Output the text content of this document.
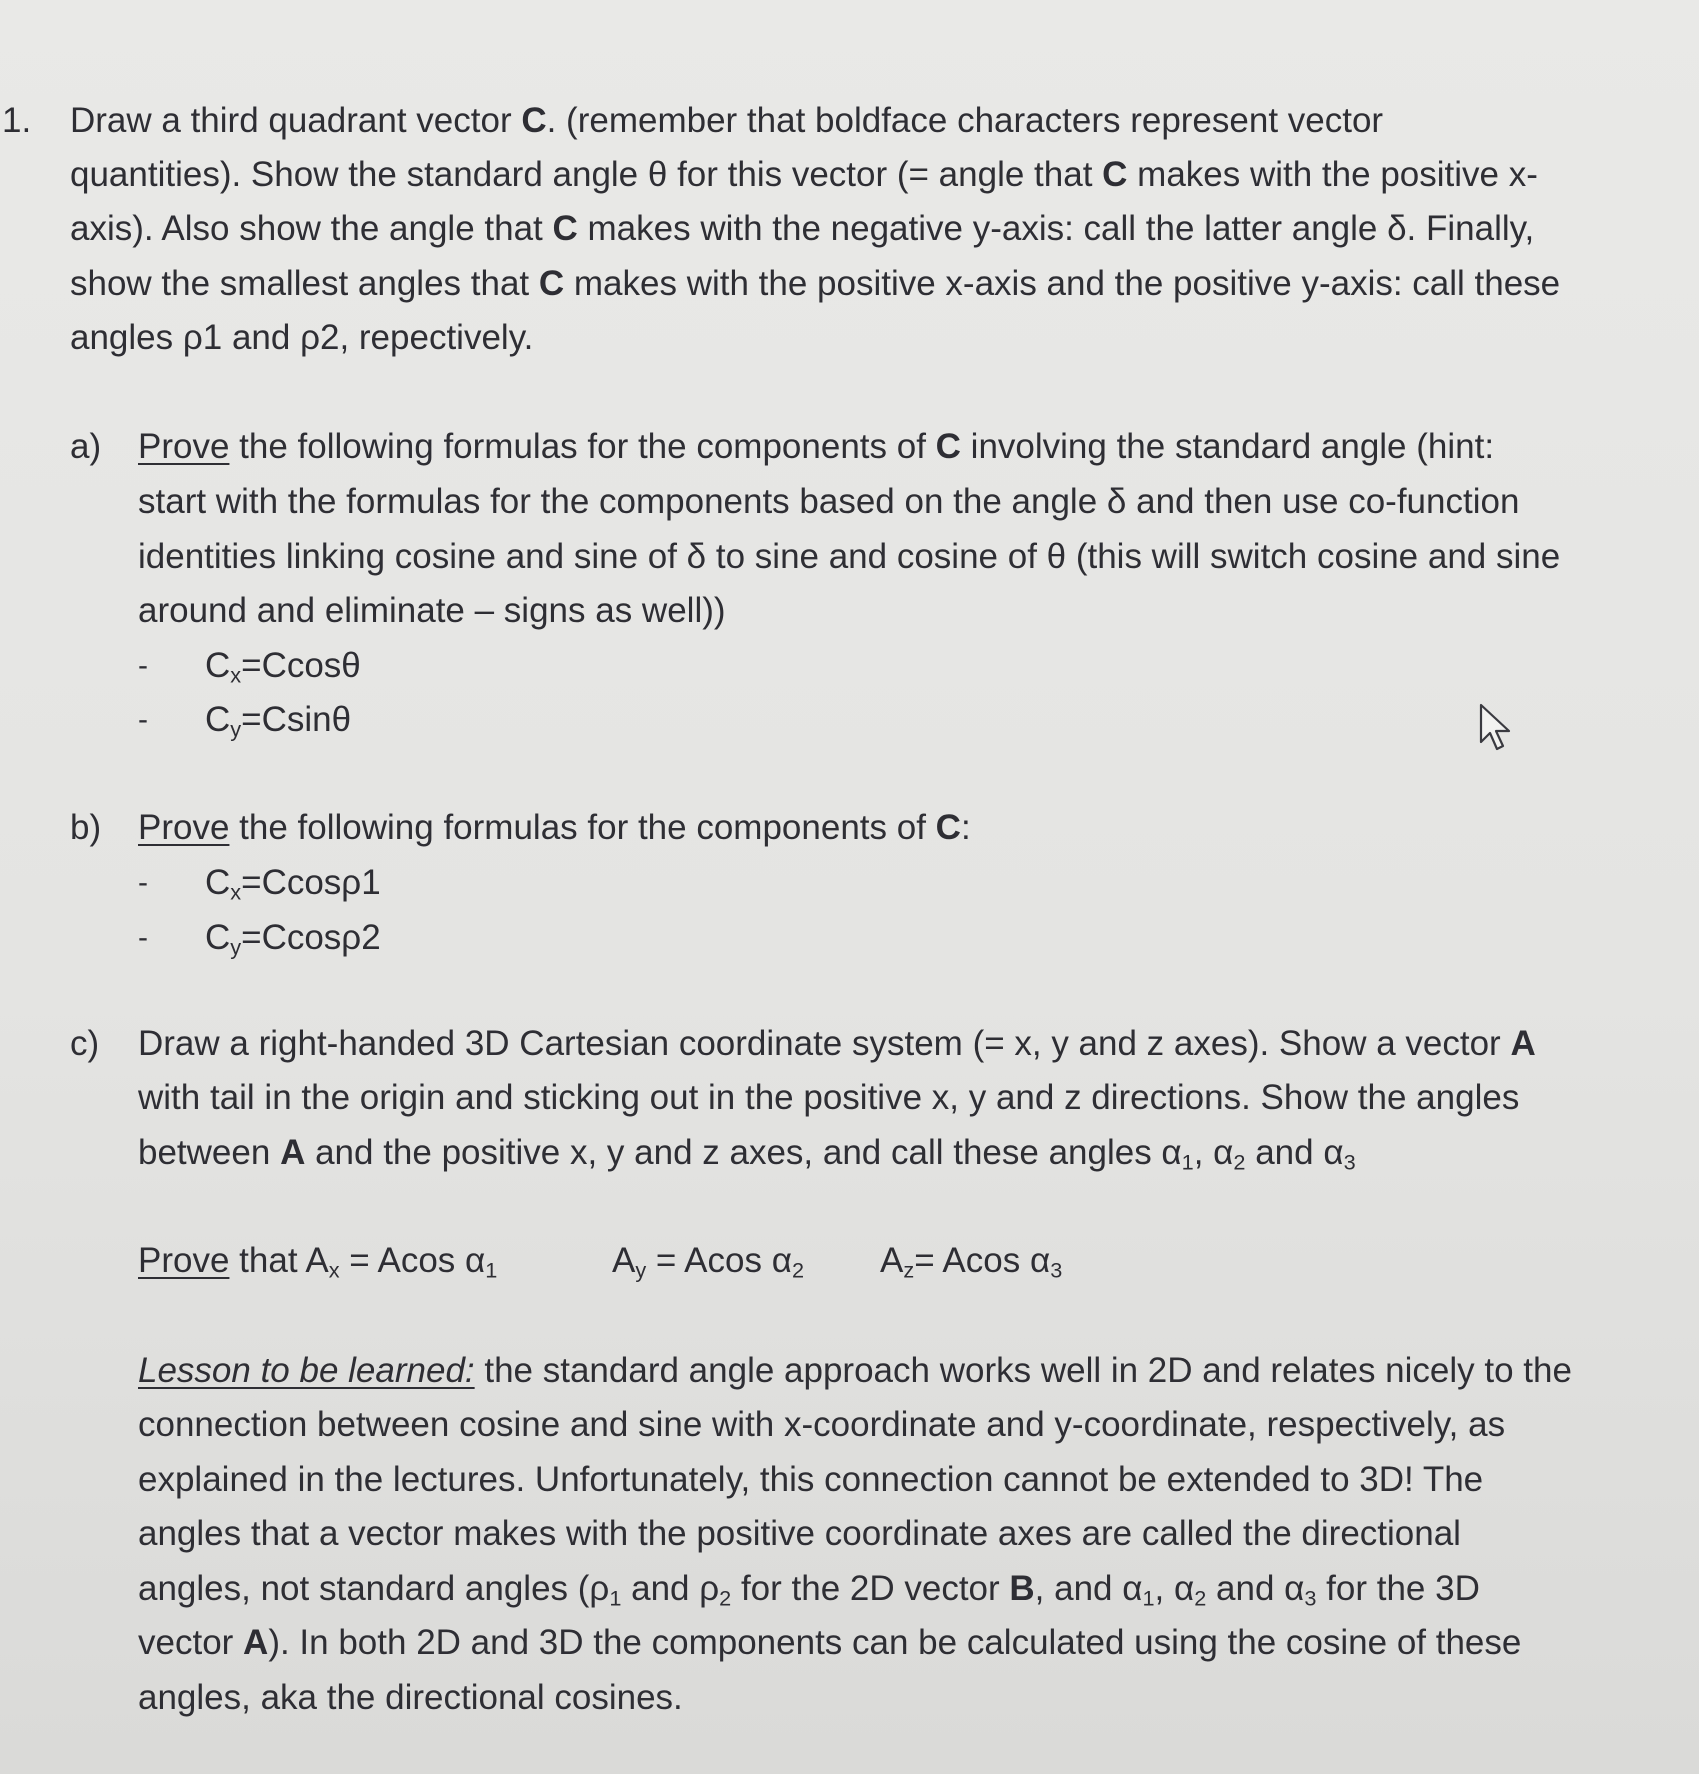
1. Draw a third quadrant vector C. (remember that boldface characters represent vector
quantities). Show the standard angle θ for this vector (= angle that C makes with the positive x-
axis). Also show the angle that C makes with the negative y-axis: call the latter angle δ. Finally,
show the smallest angles that C makes with the positive x-axis and the positive y-axis: call these
angles ρ1 and ρ2, repectively.
a) Prove the following formulas for the components of C involving the standard angle (hint:
start with the formulas for the components based on the angle δ and then use co-function
identities linking cosine and sine of δ to sine and cosine of θ (this will switch cosine and sine
around and eliminate – signs as well))
- $C_x=Ccos\theta$
- $C_y=Csin\theta$
b) Prove the following formulas for the components of C:
- $C_x=Ccos\rho 1$
- $C_y=Ccos\rho 2$
c) Draw a right-handed 3D Cartesian coordinate system (= x, y and z axes). Show a vector A
with tail in the origin and sticking out in the positive x, y and z directions. Show the angles
between A and the positive x, y and z axes, and call these angles $\alpha_1$, $\alpha_2$ and $\alpha_3$
Prove that $A_x = Acos$ $\alpha_1$	$A_y = Acos$ $\alpha_2$ $A_z= Acos$ $\alpha_3$
Lesson to be learned: the standard angle approach works well in 2D and relates nicely to the
connection between cosine and sine with x-coordinate and y-coordinate, respectively, as
explained in the lectures. Unfortunately, this connection cannot be extended to 3D! The
angles that a vector makes with the positive coordinate axes are called the directional
angles, not standard angles ($\rho_1$ and $\rho_2$ for the 2D vector B, and $\alpha_1$, $\alpha_2$ and $\alpha_3$ for the 3D
vector A). In both 2D and 3D the components can be calculated using the cosine of these
angles, aka the directional cosines.
